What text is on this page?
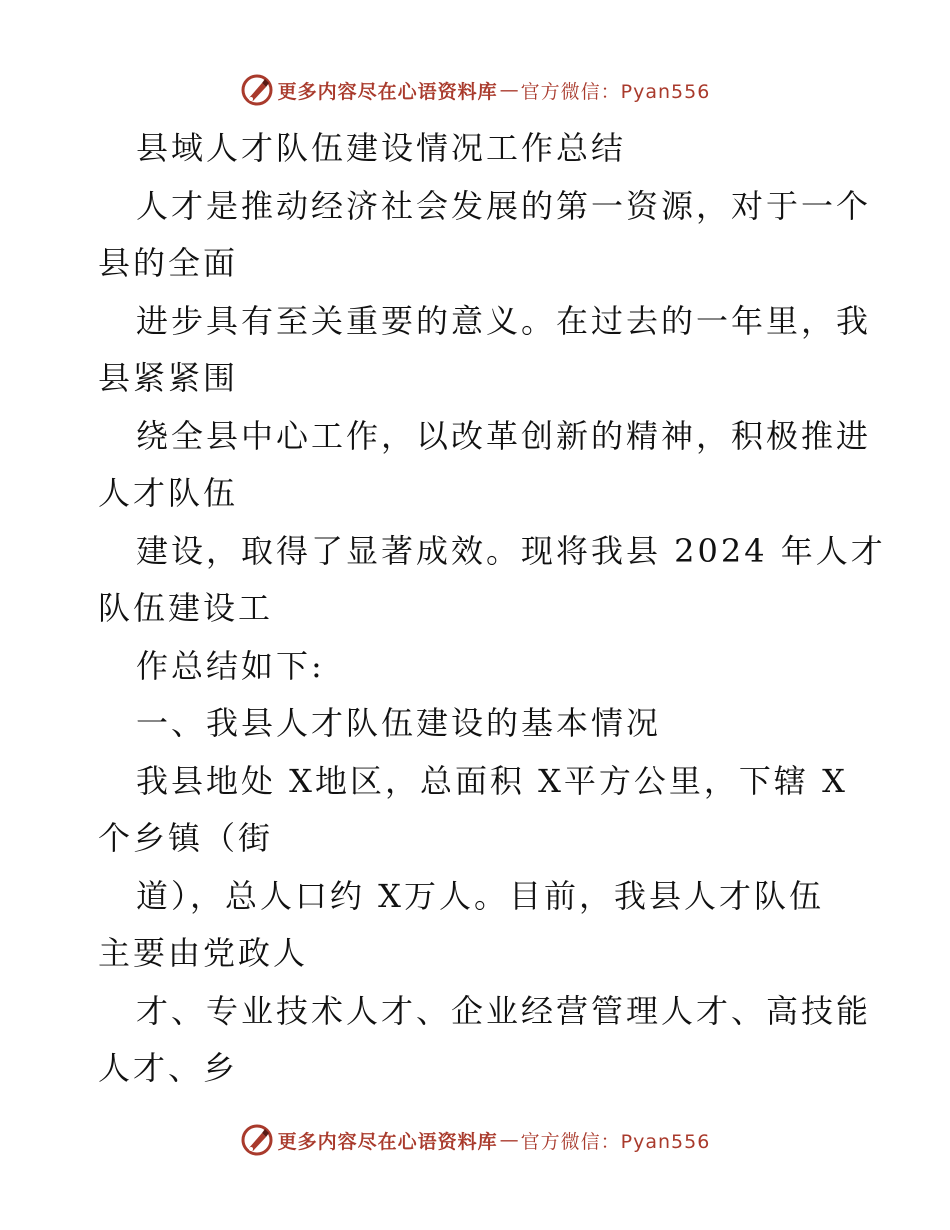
更多内容尽在心语资料库 — 官方微信：Pyan556
县域人才队伍建设情况工作总结
人才是推动经济社会发展的第一资源，对于一个
县的全面
进步具有至关重要的意义。在过去的一年里，我
县紧紧围
绕全县中心工作，以改革创新的精神，积极推进
人才队伍
建设，取得了显著成效。现将我县 2024 年人才
队伍建设工
作总结如下:
一、我县人才队伍建设的基本情况
我县地处 X地区，总面积 X平方公里，下辖 X
个乡镇（街
道），总人口约 X万人。目前，我县人才队伍
主要由党政人
才、专业技术人才、企业经营管理人才、高技能
人才、乡
更多内容尽在心语资料库 — 官方微信：Pyan556
